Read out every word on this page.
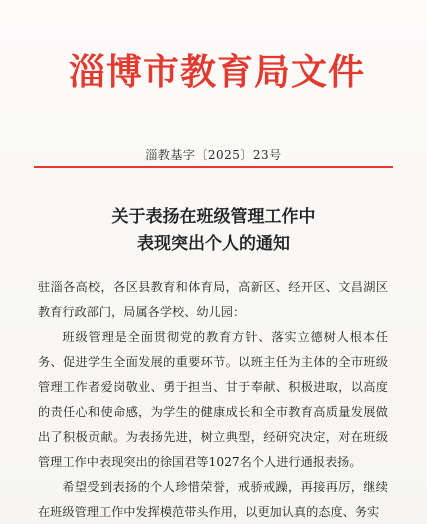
淄博市教育局文件
淄教基字〔2025〕23号
关于表扬在班级管理工作中
表现突出个人的通知
驻淄各高校，各区县教育和体育局，高新区、经开区、文昌湖区教育行政部门，局属各学校、幼儿园：
班级管理是全面贯彻党的教育方针、落实立德树人根本任务、促进学生全面发展的重要环节。以班主任为主体的全市班级管理工作者爱岗敬业、勇于担当、甘于奉献、积极进取，以高度的责任心和使命感，为学生的健康成长和全市教育高质量发展做出了积极贡献。为表扬先进，树立典型，经研究决定，对在班级管理工作中表现突出的徐国君等1027名个人进行通报表扬。
希望受到表扬的个人珍惜荣誉，戒骄戒躁，再接再厉，继续在班级管理工作中发挥模范带头作用，以更加认真的态度、务实
